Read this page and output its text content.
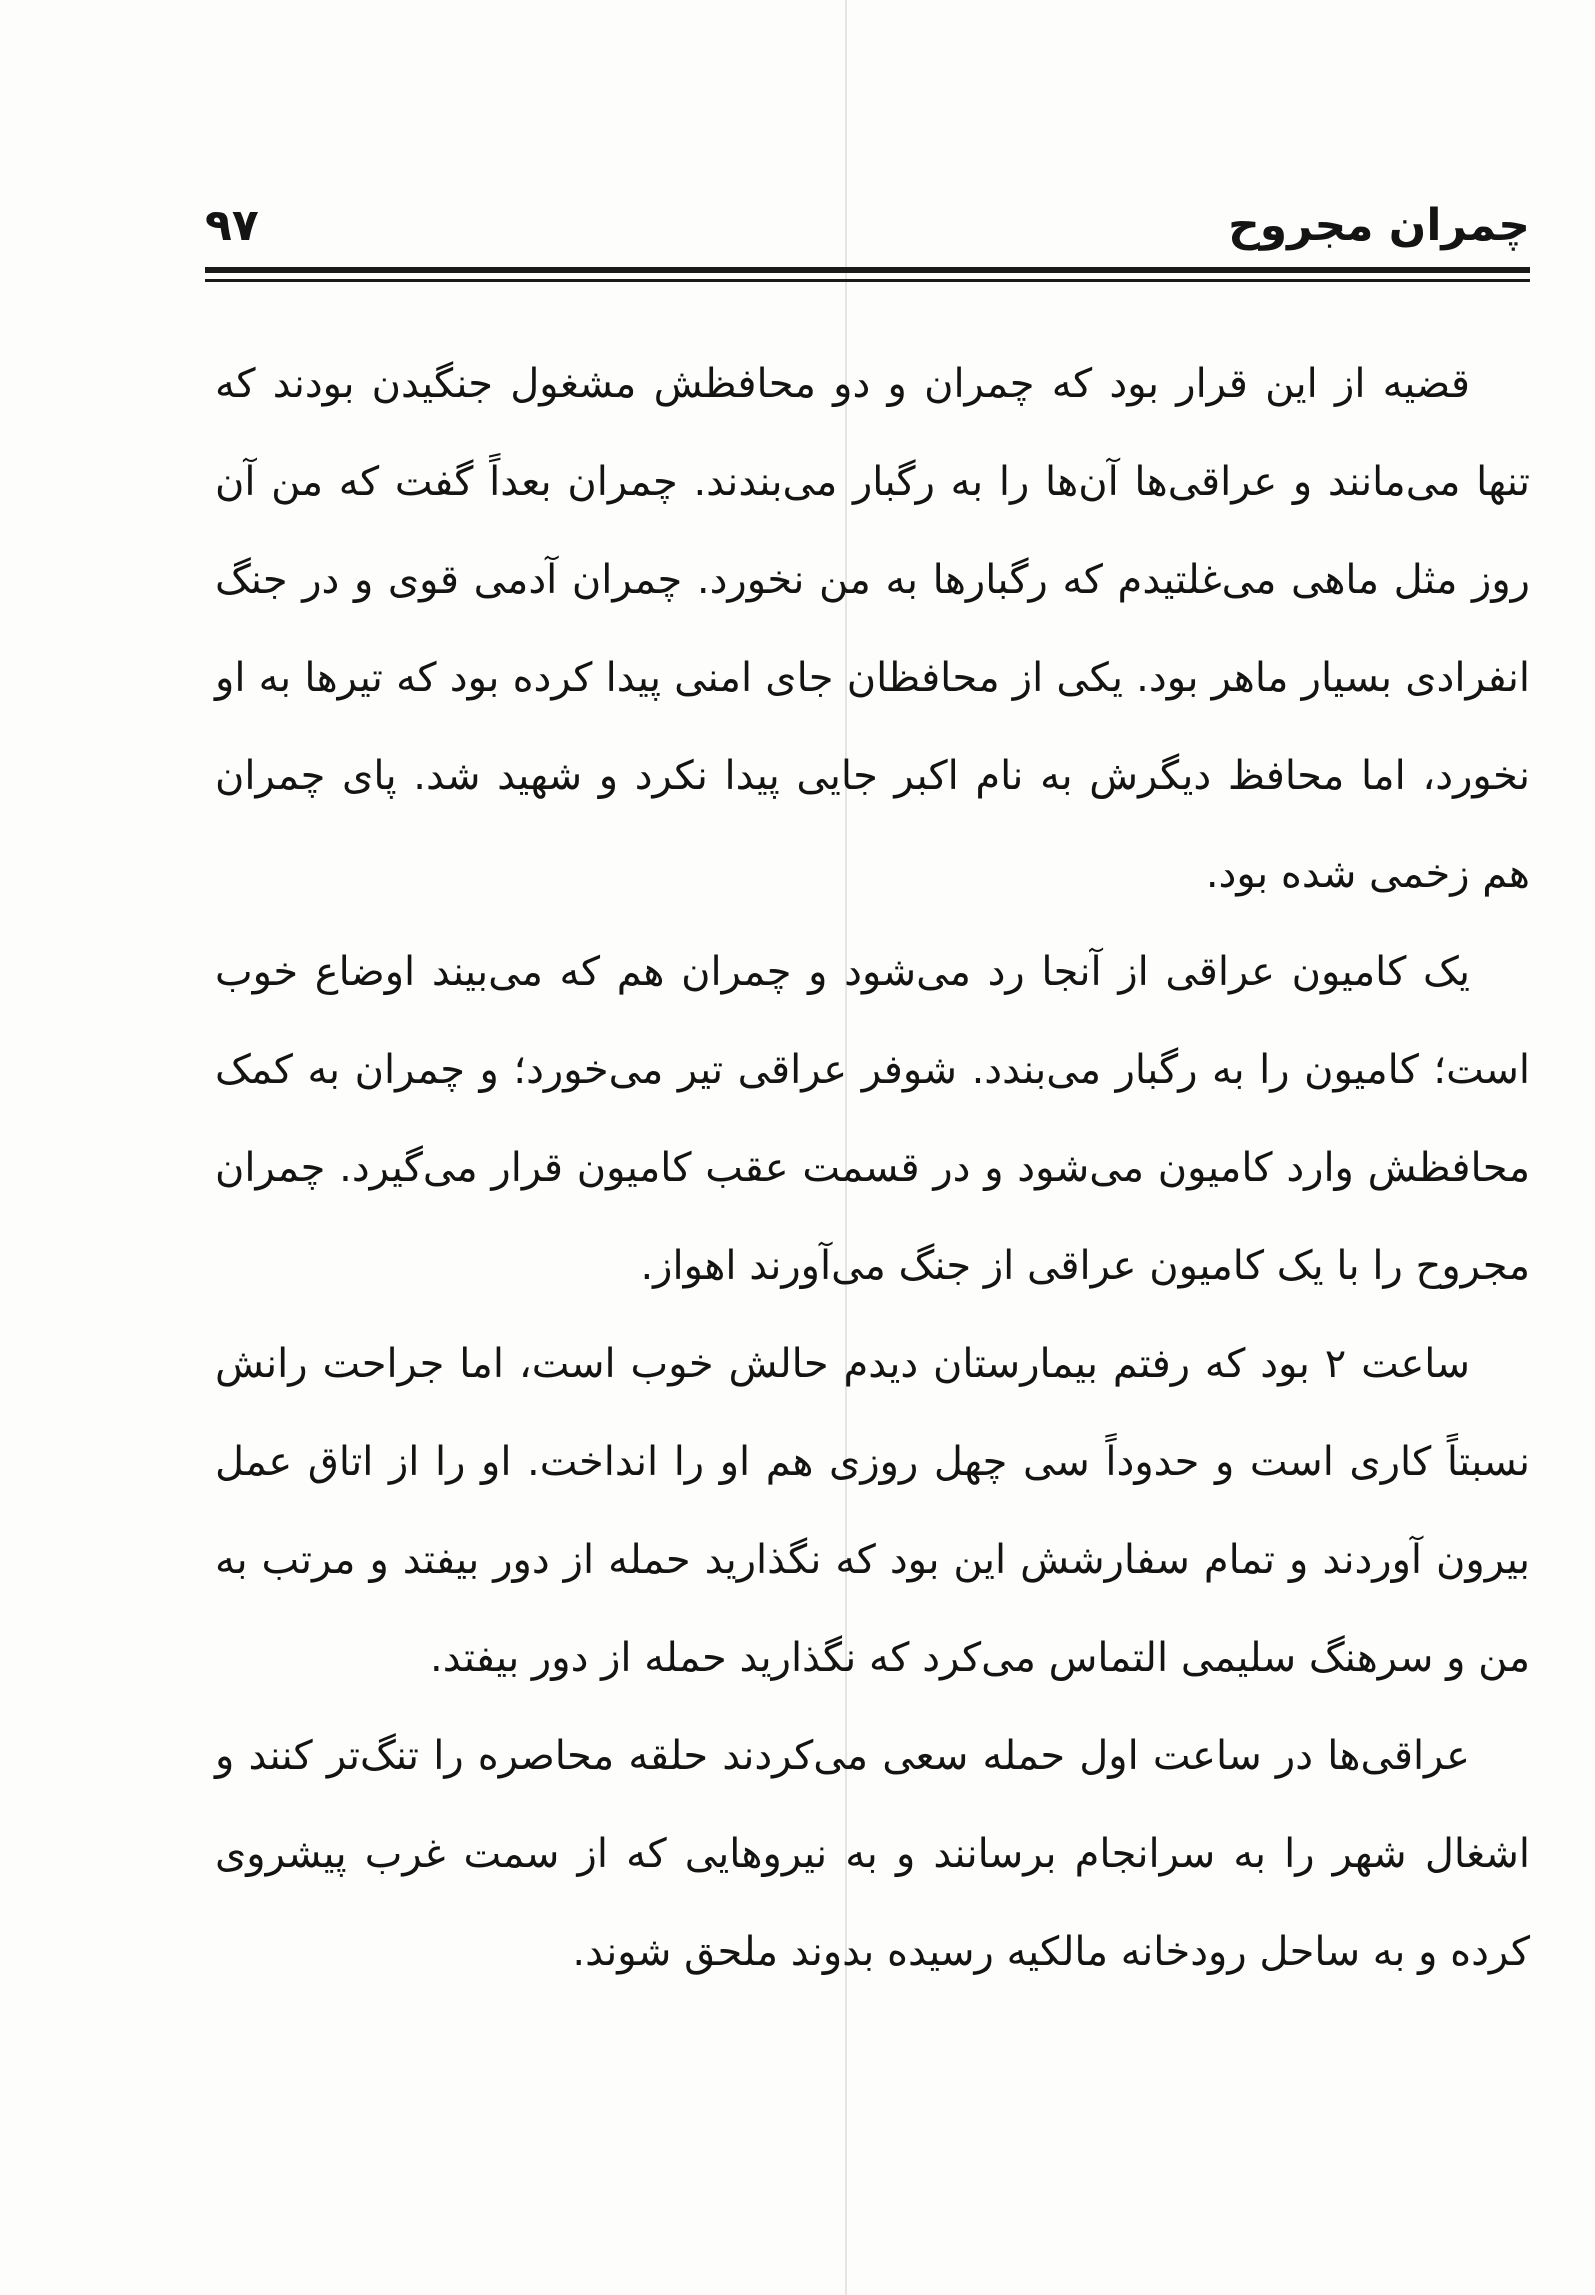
چمران مجروح
۹۷

قضیه از این قرار بود که چمران و دو محافظش مشغول جنگیدن بودند که تنها می‌مانند و عراقی‌ها آن‌ها را به رگبار می‌بندند. چمران بعداً گفت که من آن روز مثل ماهی می‌غلتیدم که رگبارها به من نخورد. چمران آدمی قوی و در جنگ انفرادی بسیار ماهر بود. یکی از محافظان جای امنی پیدا کرده بود که تیرها به او نخورد، اما محافظ دیگرش به نام اکبر جایی پیدا نکرد و شهید شد. پای چمران هم زخمی شده بود.

یک کامیون عراقی از آنجا رد می‌شود و چمران هم که می‌بیند اوضاع خوب است؛ کامیون را به رگبار می‌بندد. شوفر عراقی تیر می‌خورد؛ و چمران به کمک محافظش وارد کامیون می‌شود و در قسمت عقب کامیون قرار می‌گیرد. چمران مجروح را با یک کامیون عراقی از جنگ می‌آورند اهواز.

ساعت ۲ بود که رفتم بیمارستان دیدم حالش خوب است، اما جراحت رانش نسبتاً کاری است و حدوداً سی چهل روزی هم او را انداخت. او را از اتاق عمل بیرون آوردند و تمام سفارشش این بود که نگذارید حمله از دور بیفتد و مرتب به من و سرهنگ سلیمی التماس می‌کرد که نگذارید حمله از دور بیفتد.

عراقی‌ها در ساعت اول حمله سعی می‌کردند حلقه محاصره را تنگ‌تر کنند و اشغال شهر را به سرانجام برسانند و به نیروهایی که از سمت غرب پیشروی کرده و به ساحل رودخانه مالکیه رسیده بدوند ملحق شوند.
